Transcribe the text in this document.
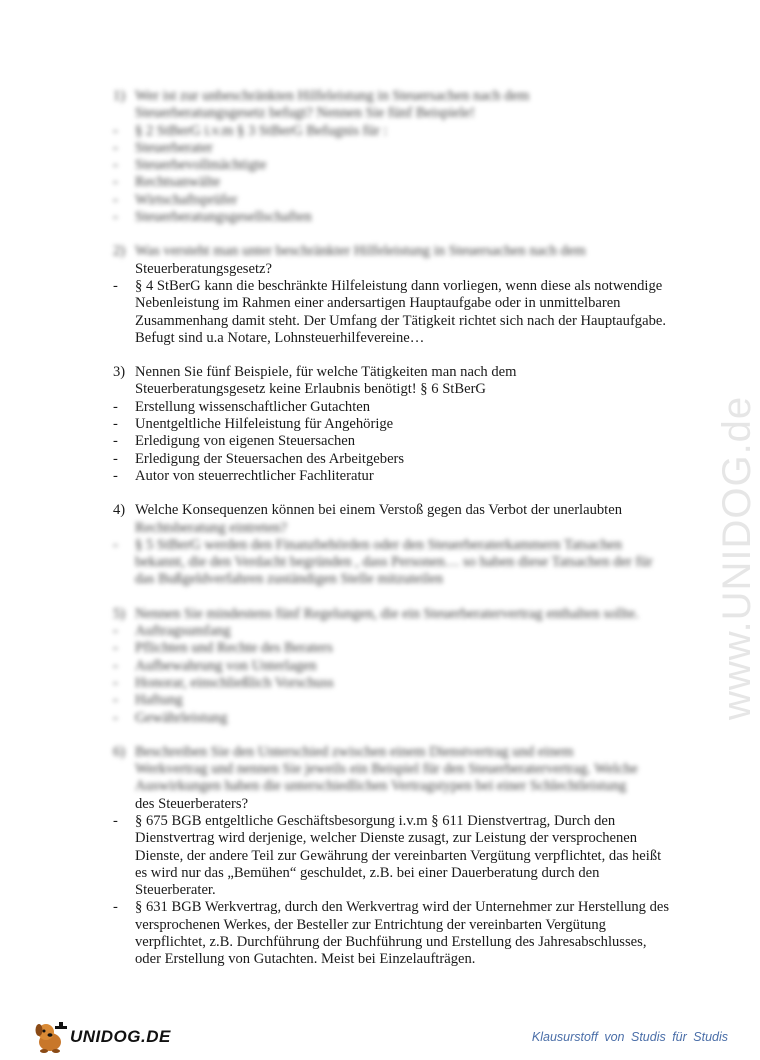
www.UNIDOG.de
1) Wer ist zur unbeschränkten Hilfeleistung in Steuersachen nach dem
Steuerberatungsgesetz befugt? Nennen Sie fünf Beispiele!
-	§ 2 StBerG i.v.m § 3 StBerG Befugnis für :
-	Steuerberater
-	Steuerbevollmächtigte
-	Rechtsanwälte
-	Wirtschaftsprüfer
-	Steuerberatungsgesellschaften
2) Was versteht man unter beschränkter Hilfeleistung in Steuersachen nach dem
Steuerberatungsgesetz?
-	§ 4 StBerG kann die beschränkte Hilfeleistung dann vorliegen, wenn diese als notwendige Nebenleistung im Rahmen einer andersartigen Hauptaufgabe oder in unmittelbaren Zusammenhang damit steht. Der Umfang der Tätigkeit richtet sich nach der Hauptaufgabe. Befugt sind u.a Notare, Lohnsteuerhilfevereine…
3) Nennen Sie fünf Beispiele, für welche Tätigkeiten man nach dem
Steuerberatungsgesetz keine Erlaubnis benötigt! § 6 StBerG
-	Erstellung wissenschaftlicher Gutachten
-	Unentgeltliche Hilfeleistung für Angehörige
-	Erledigung von eigenen Steuersachen
-	Erledigung der Steuersachen des Arbeitgebers
-	Autor von steuerrechtlicher Fachliteratur
4) Welche Konsequenzen können bei einem Verstoß gegen das Verbot der unerlaubten
Rechtsberatung eintreten?
-	§ 5 StBerG werden den Finanzbehörden oder den Steuerberaterkammern Tatsachen bekannt, die den Verdacht begründen , dass Personen… so haben diese Tatsachen der für das Bußgeldverfahren zuständigen Stelle mitzuteilen
5) Nennen Sie mindestens fünf Regelungen, die ein Steuerberatervertrag enthalten sollte.
-	Auftragsumfang
-	Pflichten und Rechte des Beraters
-	Aufbewahrung von Unterlagen
-	Honorar, einschließlich Vorschuss
-	Haftung
-	Gewährleistung
6) Beschreiben Sie den Unterschied zwischen einem Dienstvertrag und einem
Werkvertrag und nennen Sie jeweils ein Beispiel für den Steuerberatervertrag. Welche
Auswirkungen haben die unterschiedlichen Vertragstypen bei einer Schlechtleistung
des Steuerberaters?
-	§ 675 BGB entgeltliche Geschäftsbesorgung i.v.m § 611 Dienstvertrag, Durch den Dienstvertrag wird derjenige, welcher Dienste zusagt, zur Leistung der versprochenen Dienste, der andere Teil zur Gewährung der vereinbarten Vergütung verpflichtet, das heißt es wird nur das „Bemühen“ geschuldet, z.B. bei einer Dauerberatung durch den Steuerberater.
-	§ 631 BGB Werkvertrag, durch den Werkvertrag wird der Unternehmer zur Herstellung des versprochenen Werkes, der Besteller zur Entrichtung der vereinbarten Vergütung verpflichtet, z.B. Durchführung der Buchführung und Erstellung des Jahresabschlusses, oder Erstellung von Gutachten. Meist bei Einzelaufträgen.
UNIDOG.DE	Klausurstoff von Studis für Studis
